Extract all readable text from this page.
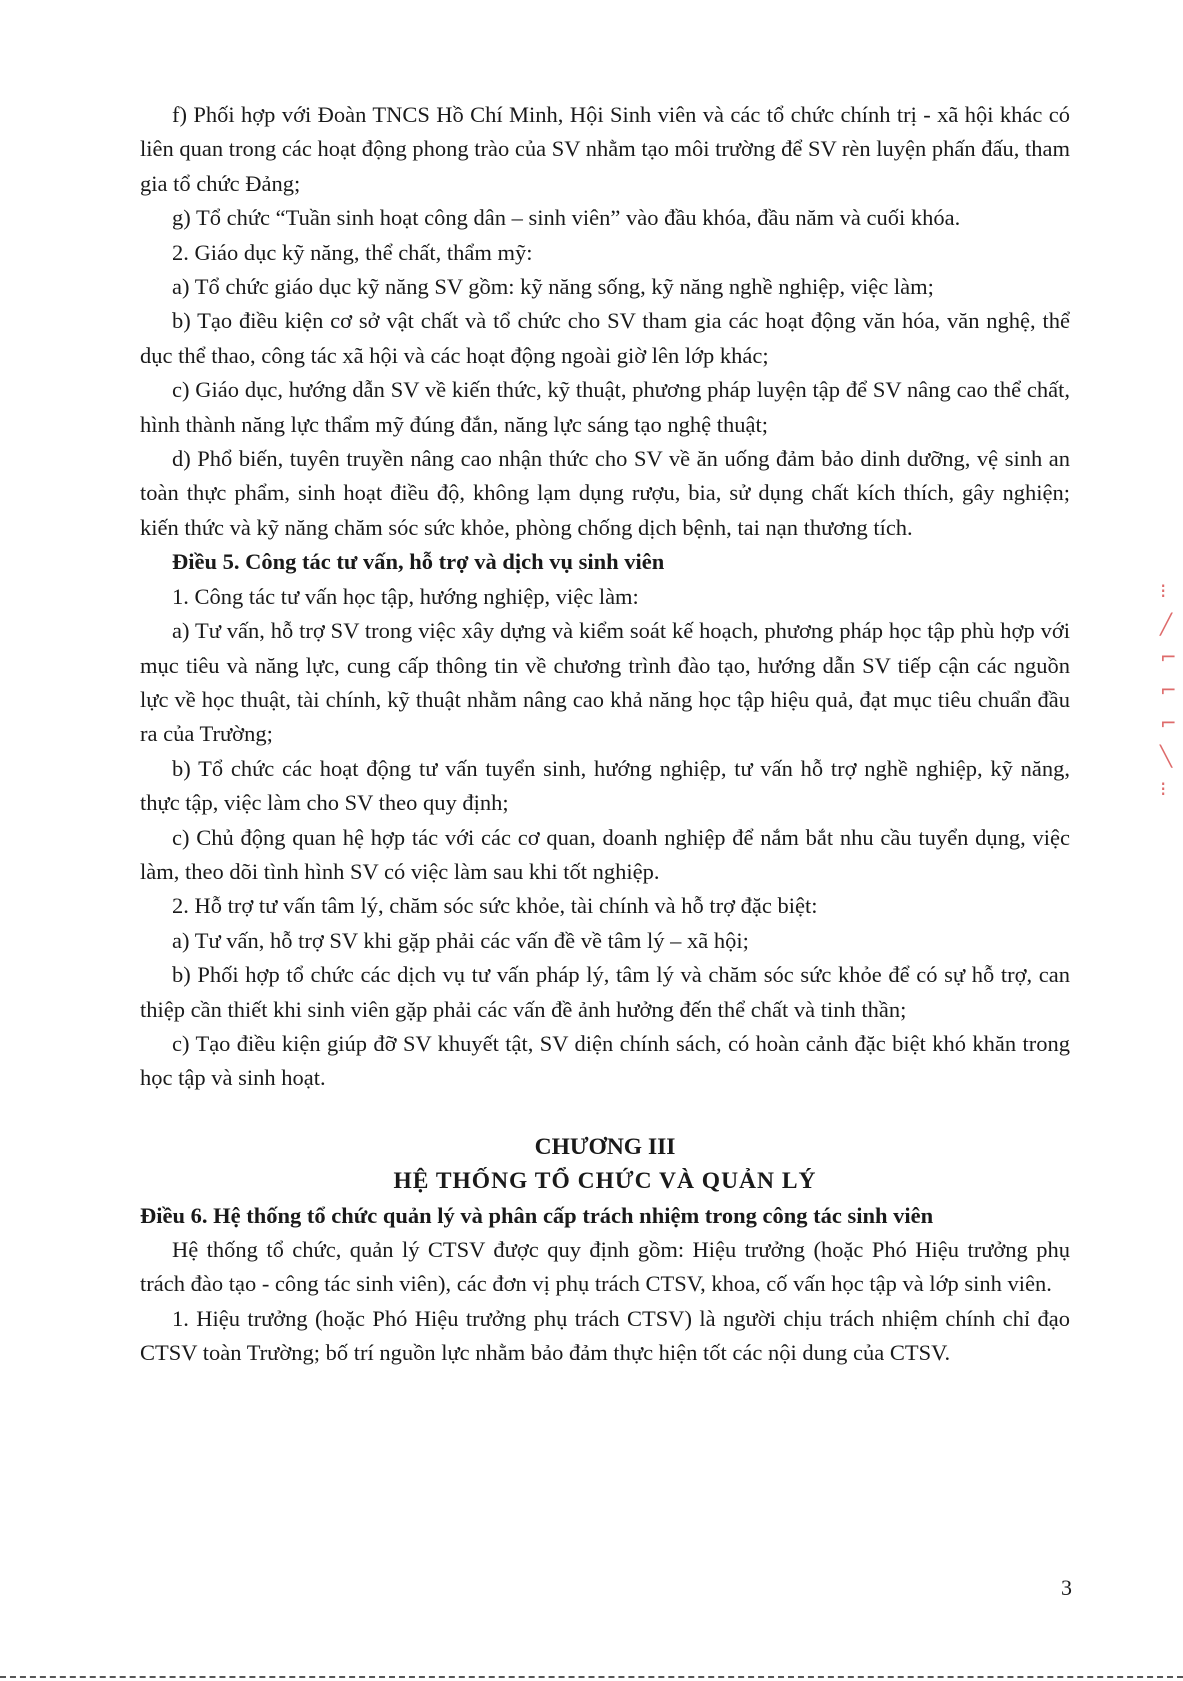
f) Phối hợp với Đoàn TNCS Hồ Chí Minh, Hội Sinh viên và các tổ chức chính trị - xã hội khác có liên quan trong các hoạt động phong trào của SV nhằm tạo môi trường để SV rèn luyện phấn đấu, tham gia tổ chức Đảng;

g) Tổ chức “Tuần sinh hoạt công dân – sinh viên” vào đầu khóa, đầu năm và cuối khóa.

2. Giáo dục kỹ năng, thể chất, thẩm mỹ:

a) Tổ chức giáo dục kỹ năng SV gồm: kỹ năng sống, kỹ năng nghề nghiệp, việc làm;

b) Tạo điều kiện cơ sở vật chất và tổ chức cho SV tham gia các hoạt động văn hóa, văn nghệ, thể dục thể thao, công tác xã hội và các hoạt động ngoài giờ lên lớp khác;

c) Giáo dục, hướng dẫn SV về kiến thức, kỹ thuật, phương pháp luyện tập để SV nâng cao thể chất, hình thành năng lực thẩm mỹ đúng đắn, năng lực sáng tạo nghệ thuật;

d) Phổ biến, tuyên truyền nâng cao nhận thức cho SV về ăn uống đảm bảo dinh dưỡng, vệ sinh an toàn thực phẩm, sinh hoạt điều độ, không lạm dụng rượu, bia, sử dụng chất kích thích, gây nghiện; kiến thức và kỹ năng chăm sóc sức khỏe, phòng chống dịch bệnh, tai nạn thương tích.

Điều 5. Công tác tư vấn, hỗ trợ và dịch vụ sinh viên

1. Công tác tư vấn học tập, hướng nghiệp, việc làm:

a) Tư vấn, hỗ trợ SV trong việc xây dựng và kiểm soát kế hoạch, phương pháp học tập phù hợp với mục tiêu và năng lực, cung cấp thông tin về chương trình đào tạo, hướng dẫn SV tiếp cận các nguồn lực về học thuật, tài chính, kỹ thuật nhằm nâng cao khả năng học tập hiệu quả, đạt mục tiêu chuẩn đầu ra của Trường;

b) Tổ chức các hoạt động tư vấn tuyển sinh, hướng nghiệp, tư vấn hỗ trợ nghề nghiệp, kỹ năng, thực tập, việc làm cho SV theo quy định;

c) Chủ động quan hệ hợp tác với các cơ quan, doanh nghiệp để nắm bắt nhu cầu tuyển dụng, việc làm, theo dõi tình hình SV có việc làm sau khi tốt nghiệp.

2. Hỗ trợ tư vấn tâm lý, chăm sóc sức khỏe, tài chính và hỗ trợ đặc biệt:

a) Tư vấn, hỗ trợ SV khi gặp phải các vấn đề về tâm lý – xã hội;

b) Phối hợp tổ chức các dịch vụ tư vấn pháp lý, tâm lý và chăm sóc sức khỏe để có sự hỗ trợ, can thiệp cần thiết khi sinh viên gặp phải các vấn đề ảnh hưởng đến thể chất và tinh thần;

c) Tạo điều kiện giúp đỡ SV khuyết tật, SV diện chính sách, có hoàn cảnh đặc biệt khó khăn trong học tập và sinh hoạt.

CHƯƠNG III

HỆ THỐNG TỔ CHỨC VÀ QUẢN LÝ

Điều 6. Hệ thống tổ chức quản lý và phân cấp trách nhiệm trong công tác sinh viên

Hệ thống tổ chức, quản lý CTSV được quy định gồm: Hiệu trưởng (hoặc Phó Hiệu trưởng phụ trách đào tạo - công tác sinh viên), các đơn vị phụ trách CTSV, khoa, cố vấn học tập và lớp sinh viên.

1. Hiệu trưởng (hoặc Phó Hiệu trưởng phụ trách CTSV) là người chịu trách nhiệm chính chỉ đạo CTSV toàn Trường; bố trí nguồn lực nhằm bảo đảm thực hiện tốt các nội dung của CTSV.

⁝
╱
⌐
⌐
⌐
╲
⁝
3
